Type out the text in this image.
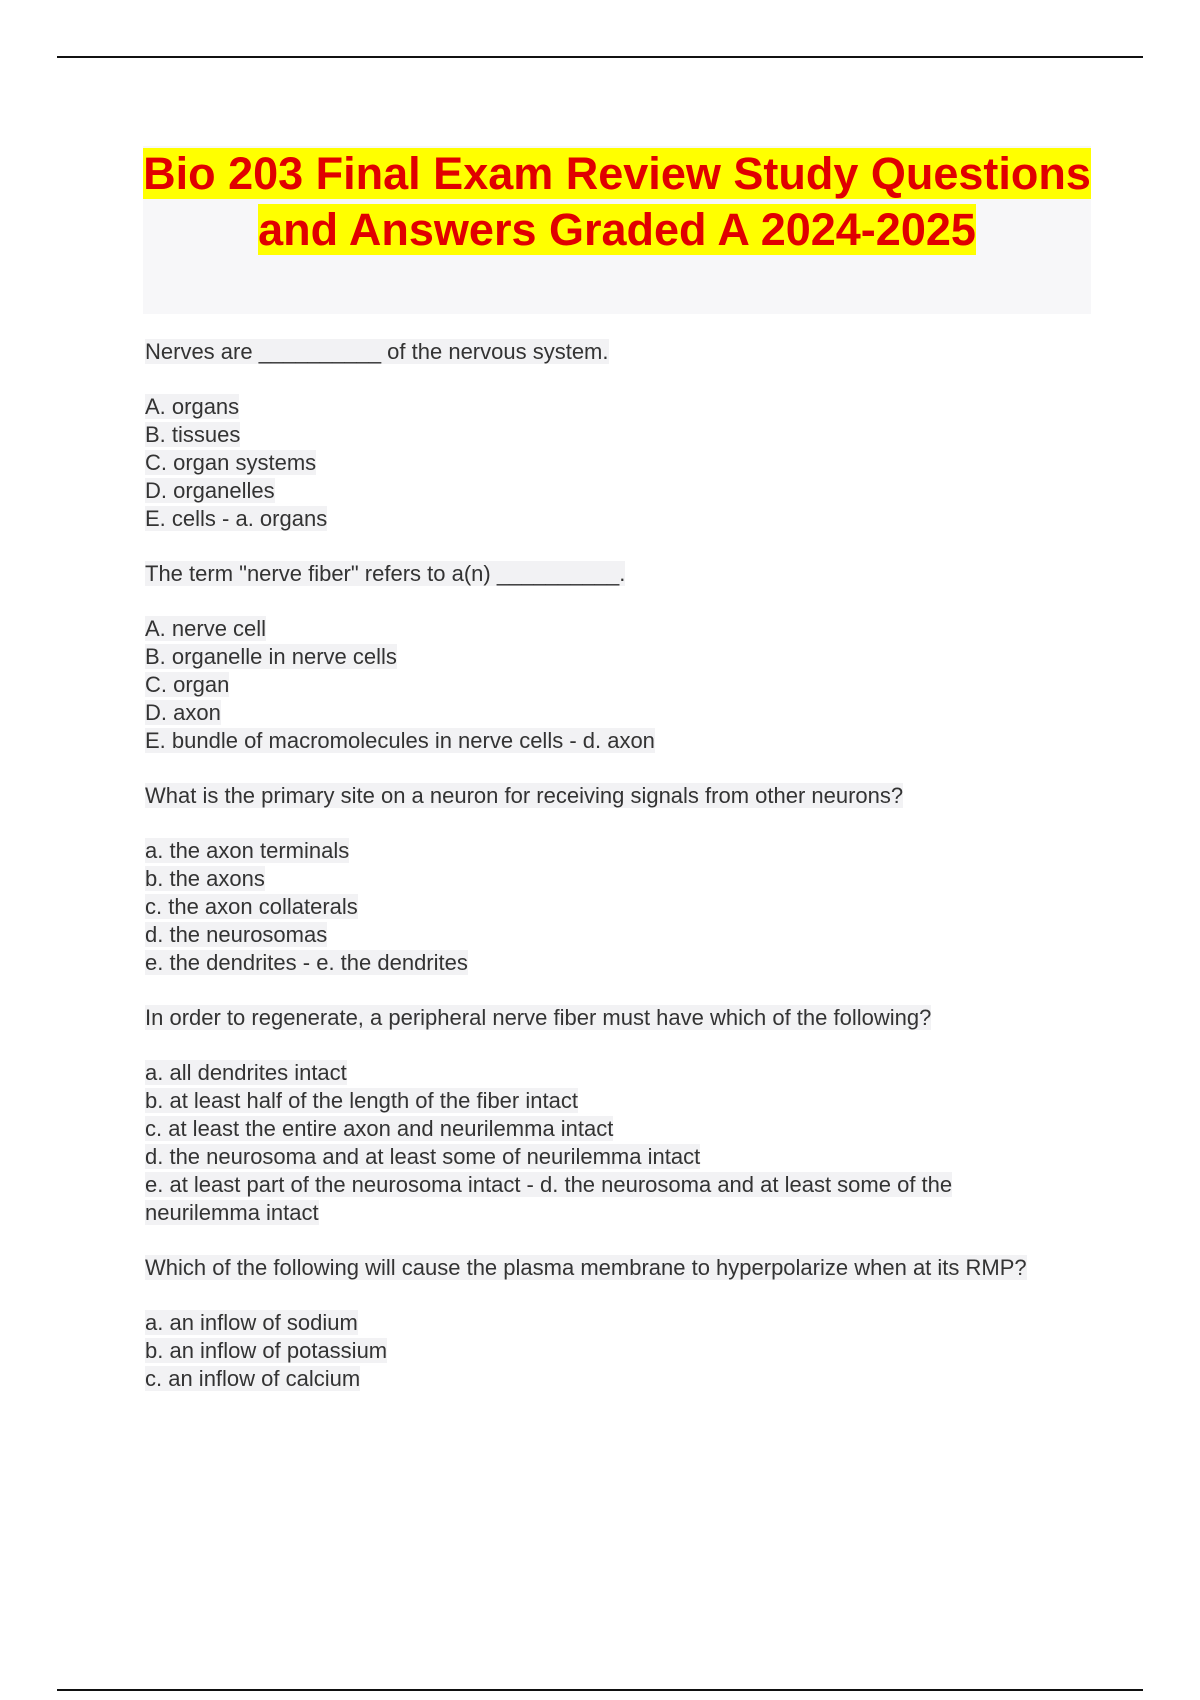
Bio 203 Final Exam Review Study Questions and Answers Graded A 2024-2025
Nerves are __________ of the nervous system.
A. organs
B. tissues
C. organ systems
D. organelles
E. cells - a. organs
The term "nerve fiber" refers to a(n) __________.
A. nerve cell
B. organelle in nerve cells
C. organ
D. axon
E. bundle of macromolecules in nerve cells - d. axon
What is the primary site on a neuron for receiving signals from other neurons?
a. the axon terminals
b. the axons
c. the axon collaterals
d. the neurosomas
e. the dendrites - e. the dendrites
In order to regenerate, a peripheral nerve fiber must have which of the following?
a. all dendrites intact
b. at least half of the length of the fiber intact
c. at least the entire axon and neurilemma intact
d. the neurosoma and at least some of neurilemma intact
e. at least part of the neurosoma intact - d. the neurosoma and at least some of the neurilemma intact
Which of the following will cause the plasma membrane to hyperpolarize when at its RMP?
a. an inflow of sodium
b. an inflow of potassium
c. an inflow of calcium
